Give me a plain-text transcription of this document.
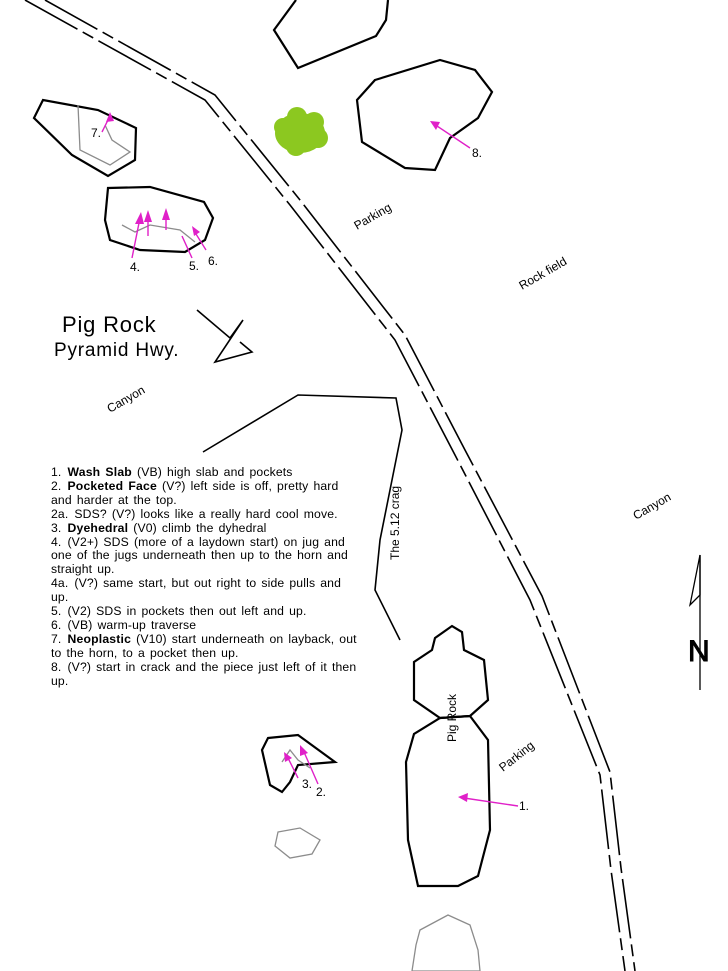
N
7.
8.
4.	5. 6.
1.
3.
2.
Parking
Rock field
Canyon
Canyon
The 5.12 crag
Pig Rock
Parking
Pig Rock
Pyramid Hwy.
1. Wash Slab (VB) high slab and pockets
2. Pocketed Face (V?) left side is off, pretty hard and harder at the top.
2a. SDS? (V?) looks like a really hard cool move.
3. Dyehedral (V0) climb the dyhedral
4. (V2+) SDS (more of a laydown start) on jug and one of the jugs underneath then up to the horn and straight up.
4a. (V?) same start, but out right to side pulls and up.
5. (V2) SDS in pockets then out left and up.
6. (VB) warm-up traverse
7. Neoplastic (V10) start underneath on layback, out to the horn, to a pocket then up.
8. (V?) start in crack and the piece just left of it then up.
